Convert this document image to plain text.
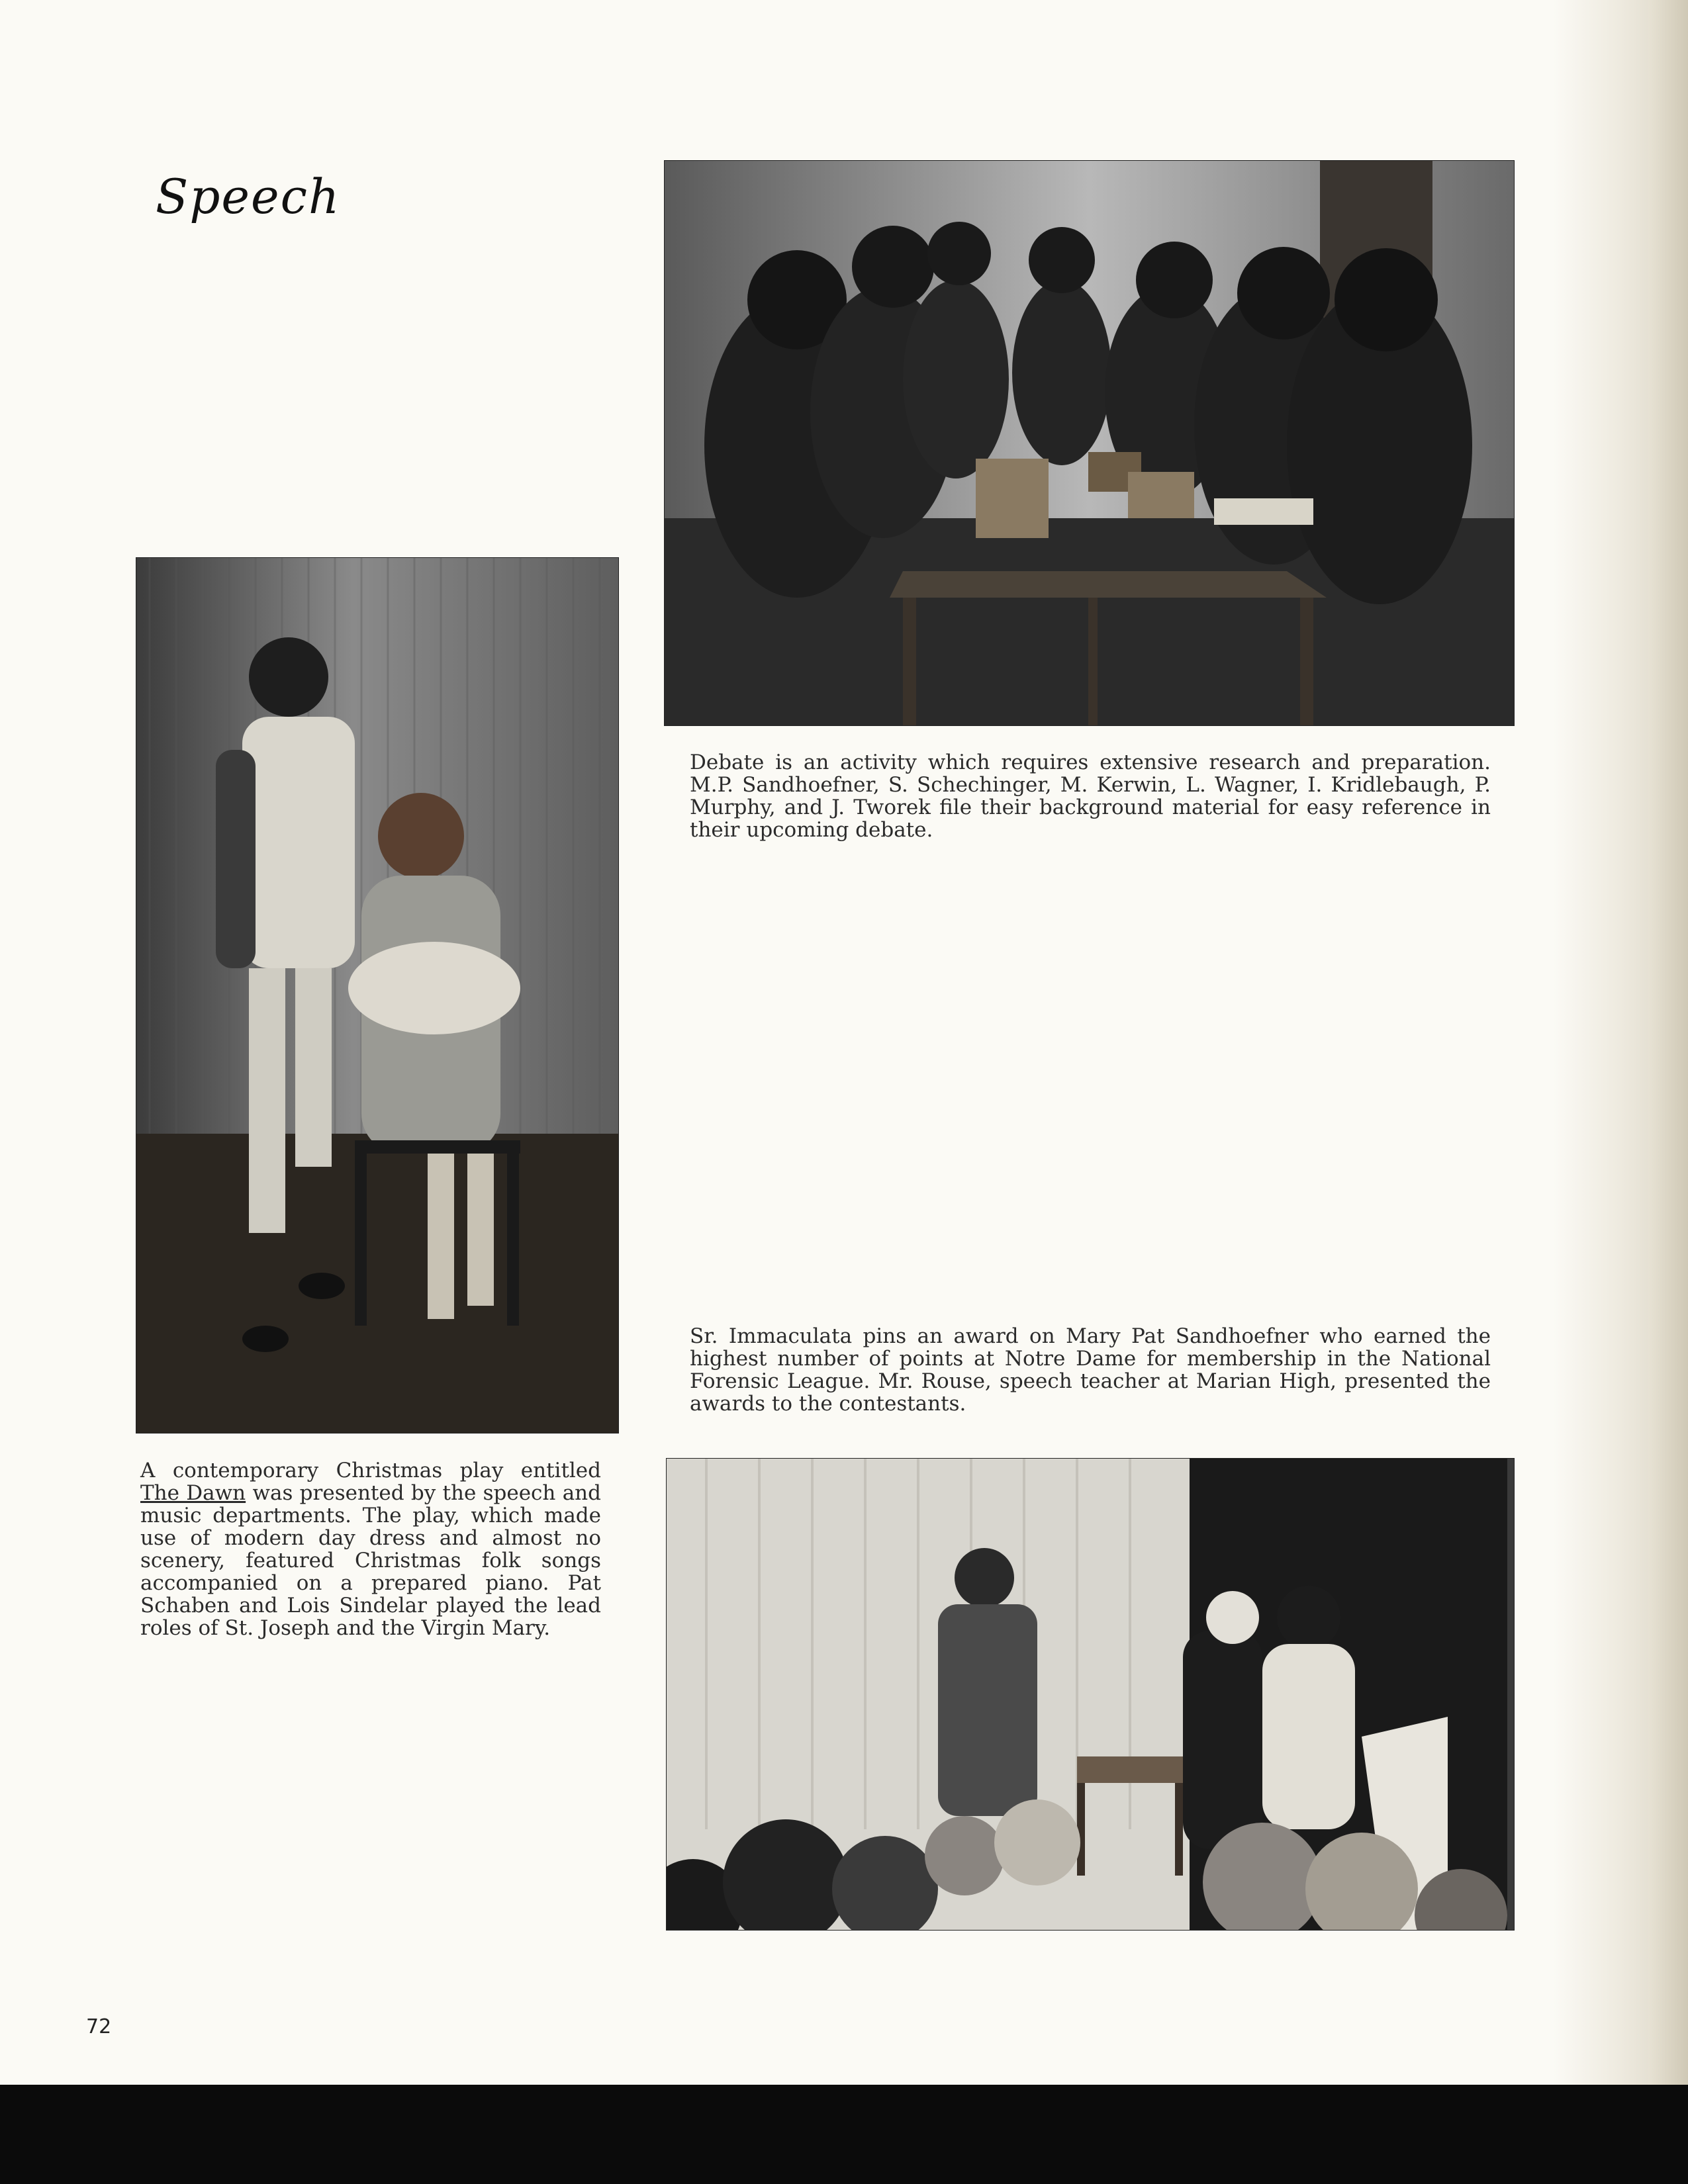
Speech

Debate is an activity which requires extensive research and preparation. M.P. Sandhoefner, S. Schechinger, M. Kerwin, L. Wagner, I. Kridlebaugh, P. Murphy, and J. Tworek file their background material for easy reference in their upcoming debate.

A contemporary Christmas play entitled The Dawn was presented by the speech and music departments. The play, which made use of modern day dress and almost no scenery, featured Christmas folk songs accompanied on a prepared piano. Pat Schaben and Lois Sindelar played the lead roles of St. Joseph and the Virgin Mary.

Sr. Immaculata pins an award on Mary Pat Sandhoefner who earned the highest number of points at Notre Dame for membership in the National Forensic League. Mr. Rouse, speech teacher at Marian High, presented the awards to the contestants.

72
